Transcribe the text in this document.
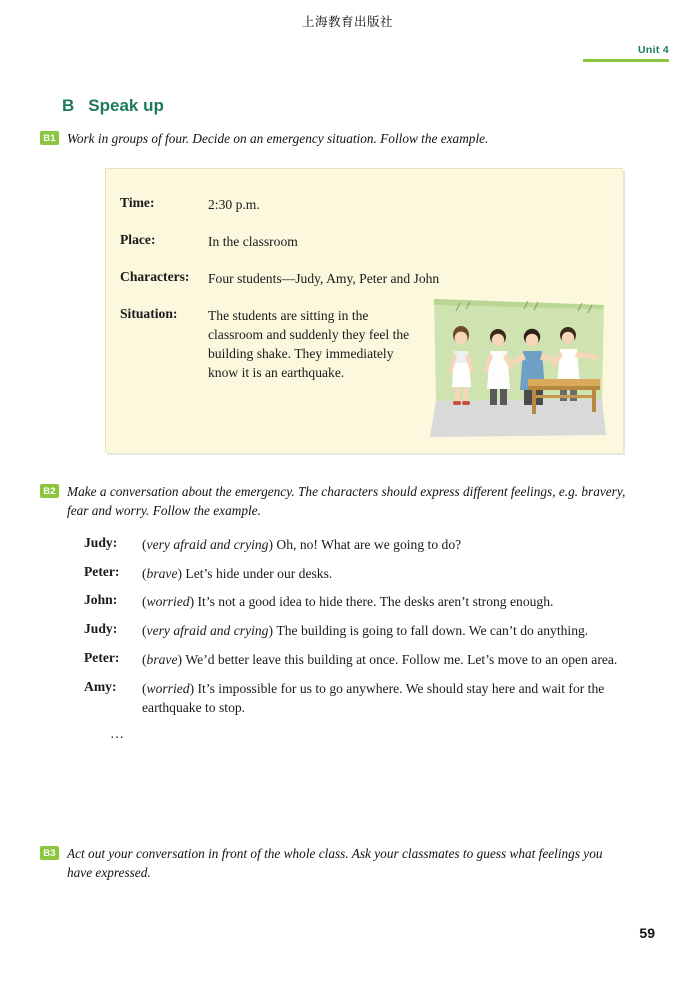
上海教育出版社
Unit 4
B Speak up
B1 Work in groups of four. Decide on an emergency situation. Follow the example.
Time:	2:30 p.m.
Place:	In the classroom
Characters:	Four students—Judy, Amy, Peter and John
Situation:	The students are sitting in the classroom and suddenly they feel the building shake. They immediately know it is an earthquake.
B2 Make a conversation about the emergency. The characters should express different feelings, e.g. bravery, fear and worry. Follow the example.
Judy:	(very afraid and crying) Oh, no! What are we going to do?
Peter:	(brave) Let’s hide under our desks.
John:	(worried) It’s not a good idea to hide there. The desks aren’t strong enough.
Judy:	(very afraid and crying) The building is going to fall down. We can’t do anything.
Peter:	(brave) We’d better leave this building at once. Follow me. Let’s move to an open area.
Amy:	(worried) It’s impossible for us to go anywhere. We should stay here and wait for the earthquake to stop.
…
B3 Act out your conversation in front of the whole class. Ask your classmates to guess what feelings you have expressed.
59
